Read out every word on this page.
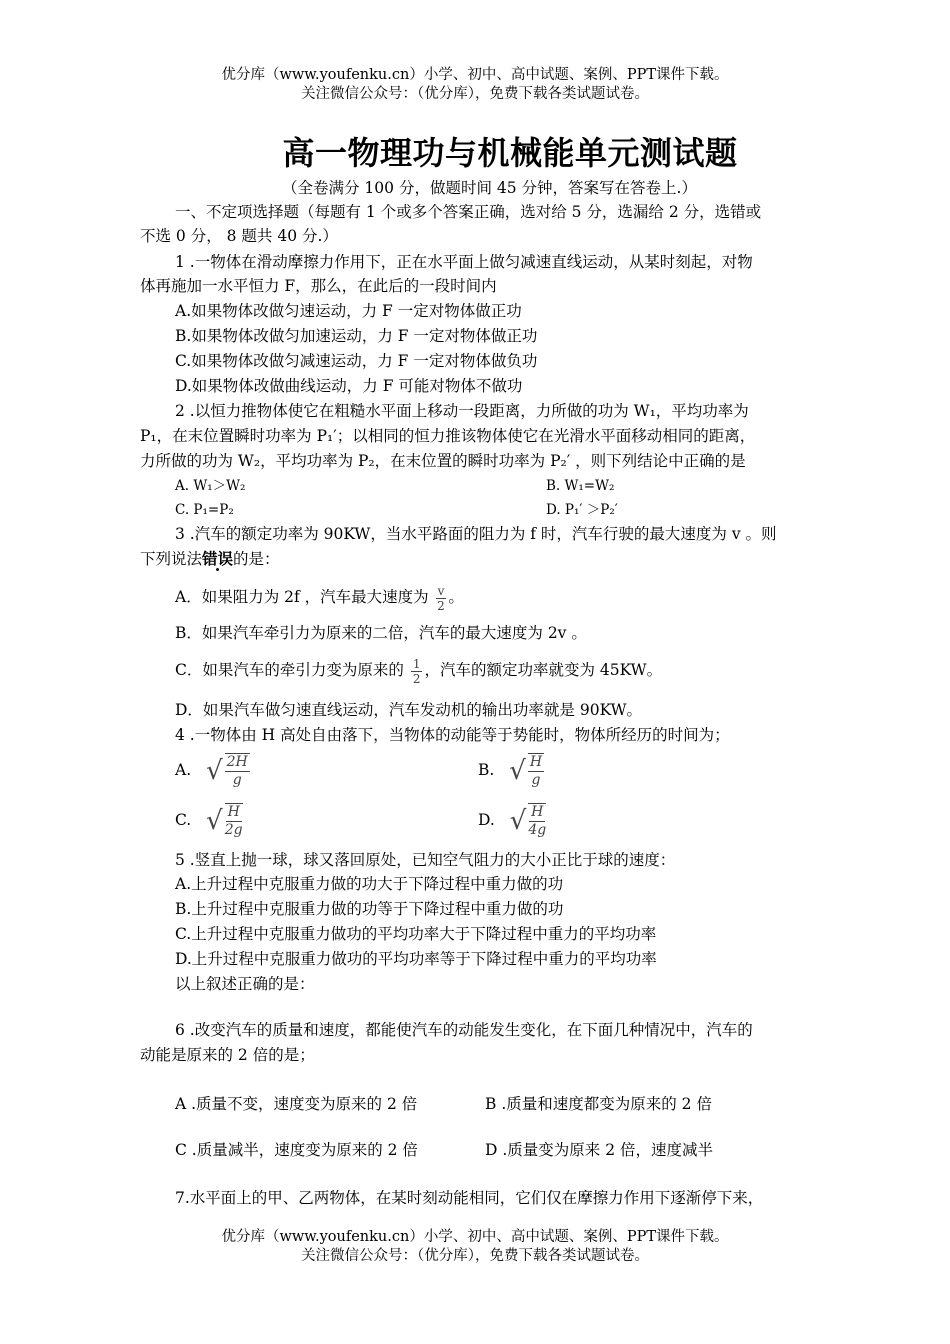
优分库（www.youfenku.cn）小学、初中、高中试题、案例、PPT课件下载。
关注微信公众号：（优分库），免费下载各类试题试卷。
高一物理功与机械能单元测试题
（全卷满分 100 分，做题时间 45 分钟，答案写在答卷上.）
一、不定项选择题（每题有 1 个或多个答案正确，选对给 5 分，选漏给 2 分，选错或
不选 0 分， 8 题共 40 分.）
1 .一物体在滑动摩擦力作用下，正在水平面上做匀减速直线运动，从某时刻起，对物
体再施加一水平恒力 F，那么，在此后的一段时间内
A.如果物体改做匀速运动，力 F 一定对物体做正功
B.如果物体改做匀加速运动，力 F 一定对物体做正功
C.如果物体改做匀减速运动，力 F 一定对物体做负功
D.如果物体改做曲线运动，力 F 可能对物体不做功
2 .以恒力推物体使它在粗糙水平面上移动一段距离，力所做的功为 W₁，平均功率为
P₁，在末位置瞬时功率为 P₁′；以相同的恒力推该物体使它在光滑水平面移动相同的距离，
力所做的功为 W₂，平均功率为 P₂，在末位置的瞬时功率为 P₂′ ，则下列结论中正确的是
A. W₁＞W₂	B. W₁=W₂
C. P₁=P₂	D. P₁′ ＞P₂′
3 .汽车的额定功率为 90KW，当水平路面的阻力为 f 时，汽车行驶的最大速度为 v 。则
下列说法错误的是：
A．如果阻力为 2f ，汽车最大速度为 $\frac{v}{2}$ 。
B．如果汽车牵引力为原来的二倍，汽车的最大速度为 2v 。
C．如果汽车的牵引力变为原来的 $\frac{1}{2}$ ，汽车的额定功率就变为 45KW。
D．如果汽车做匀速直线运动，汽车发动机的输出功率就是 90KW。
4 .一物体由 H 高处自由落下，当物体的动能等于势能时，物体所经历的时间为；
A. √ $\frac{2H}{g}$	B. √ $\frac{H}{g}$
C. √ $\frac{H}{2g}$	D. √ $\frac{H}{4g}$
5 .竖直上抛一球，球又落回原处，已知空气阻力的大小正比于球的速度：
A.上升过程中克服重力做的功大于下降过程中重力做的功
B.上升过程中克服重力做的功等于下降过程中重力做的功
C.上升过程中克服重力做功的平均功率大于下降过程中重力的平均功率
D.上升过程中克服重力做功的平均功率等于下降过程中重力的平均功率
以上叙述正确的是：
6 .改变汽车的质量和速度，都能使汽车的动能发生变化，在下面几种情况中，汽车的
动能是原来的 2 倍的是；
A .质量不变，速度变为原来的 2 倍	B .质量和速度都变为原来的 2 倍
C .质量减半，速度变为原来的 2 倍	D .质量变为原来 2 倍，速度减半
7.水平面上的甲、乙两物体，在某时刻动能相同，它们仅在摩擦力作用下逐渐停下来，
优分库（www.youfenku.cn）小学、初中、高中试题、案例、PPT课件下载。
关注微信公众号：（优分库），免费下载各类试题试卷。
